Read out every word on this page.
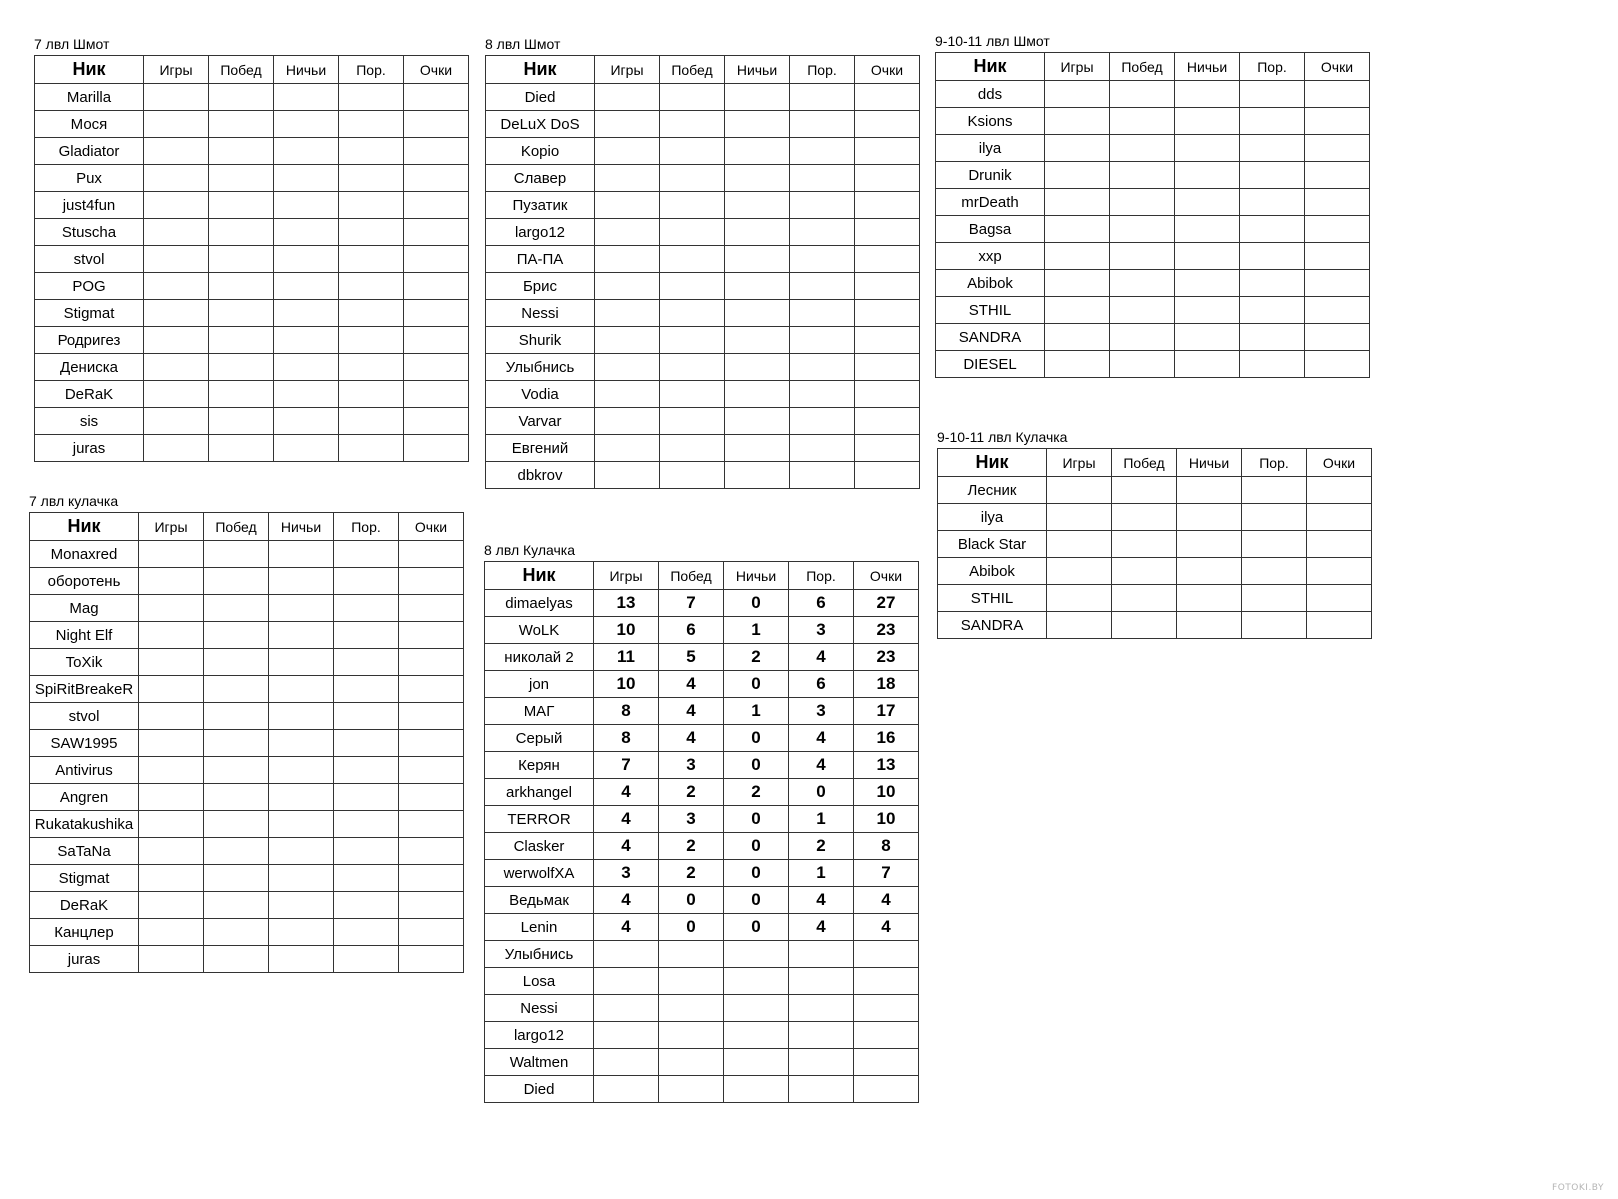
7 лвл Шмот
Ник	Игры	Побед	Ничьи	Пор.	Очки
Marilla					
Мося					
Gladiator					
Pux					
just4fun					
Stuscha					
stvol					
POG					
Stigmat					
Родригез					
Дениска					
DeRaK					
sis					
juras					
8 лвл Шмот
Ник	Игры	Побед	Ничьи	Пор.	Очки
Died					
DeLuX DoS					
Kopio					
Славер					
Пузатик					
largo12					
ПА-ПА					
Брис					
Nessi					
Shurik					
Улыбнись					
Vodia					
Varvar					
Евгений					
dbkrov					
9-10-11 лвл Шмот
Ник	Игры	Побед	Ничьи	Пор.	Очки
dds					
Ksions					
ilya					
Drunik					
mrDeath					
Bagsa					
xxp					
Abibok					
STHIL					
SANDRA					
DIESEL					
7 лвл кулачка
Ник	Игры	Побед	Ничьи	Пор.	Очки
Monaxred					
оборотень					
Mag					
Night Elf					
ToXik					
SpiRitBreakeR					
stvol					
SAW1995					
Antivirus					
Angren					
Rukatakushika					
SaTaNa					
Stigmat					
DeRaK					
Канцлер					
juras					
8 лвл Кулачка
Ник	Игры	Побед	Ничьи	Пор.	Очки
dimaelyas	13	7	0	6	27
WoLK	10	6	1	3	23
николай 2	11	5	2	4	23
jon	10	4	0	6	18
МАГ	8	4	1	3	17
Серый	8	4	0	4	16
Керян	7	3	0	4	13
arkhangel	4	2	2	0	10
TERROR	4	3	0	1	10
Clasker	4	2	0	2	8
werwolfXA	3	2	0	1	7
Ведьмак	4	0	0	4	4
Lenin	4	0	0	4	4
Улыбнись					
Losa					
Nessi					
largo12					
Waltmen					
Died					
9-10-11 лвл Кулачка
Ник	Игры	Побед	Ничьи	Пор.	Очки
Лесник					
ilya					
Black Star					
Abibok					
STHIL					
SANDRA					
FOTOKI.BY
